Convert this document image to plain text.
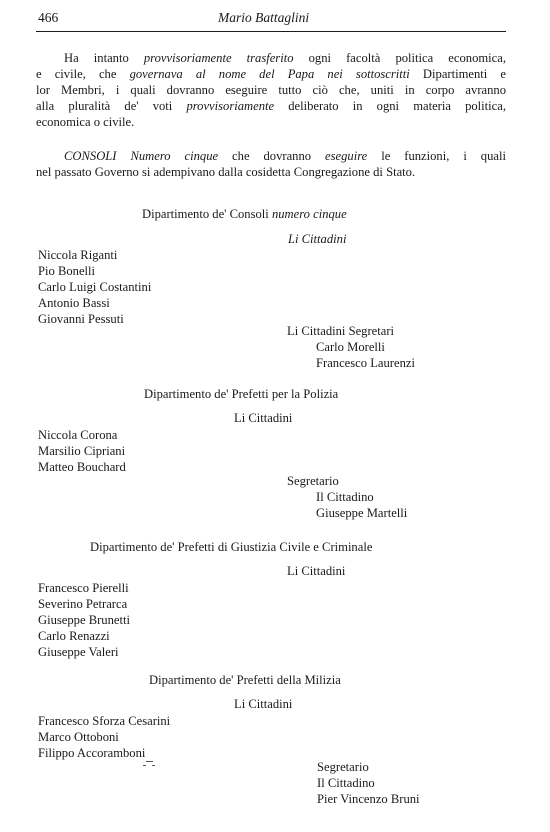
466	Mario Battaglini
Ha intanto provvisoriamente trasferito ogni facoltà politica economica,
e civile, che governava al nome del Papa nei sottoscritti Dipartimenti e
lor Membri, i quali dovranno eseguire tutto ciò che, uniti in corpo avranno
alla pluralità de' voti provvisoriamente deliberato in ogni materia politica,
economica o civile.
CONSOLI Numero cinque che dovranno eseguire le funzioni, i quali
nel passato Governo si adempivano dalla cosidetta Congregazione di Stato.
Dipartimento de' Consoli numero cinque
Li Cittadini
Niccola Riganti
Pio Bonelli
Carlo Luigi Costantini
Antonio Bassi
Giovanni Pessuti
Li Cittadini Segretari
Carlo Morelli
Francesco Laurenzi
Dipartimento de' Prefetti per la Polizia
Li Cittadini
Niccola Corona
Marsilio Cipriani
Matteo Bouchard
Segretario
Il Cittadino
Giuseppe Martelli
Dipartimento de' Prefetti di Giustizia Civile e Criminale
Li Cittadini
Francesco Pierelli
Severino Petrarca
Giuseppe Brunetti
Carlo Renazzi
Giuseppe Valeri
Dipartimento de' Prefetti della Milizia
Li Cittadini
Francesco Sforza Cesarini
Marco Ottoboni
Filippo Accoramboni
Segretario
Il Cittadino
Pier Vincenzo Bruni
